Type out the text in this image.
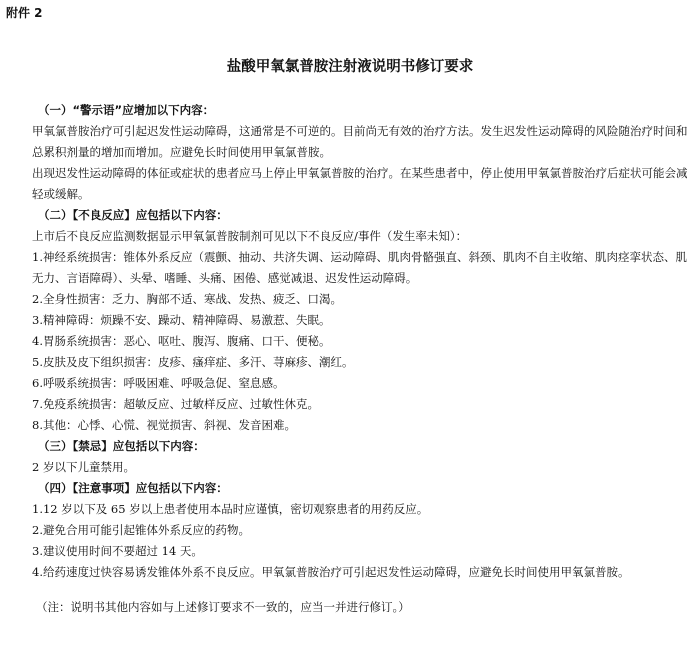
附件 2
盐酸甲氧氯普胺注射液说明书修订要求
（一）“警示语”应增加以下内容：

甲氧氯普胺治疗可引起迟发性运动障碍，这通常是不可逆的。目前尚无有效的治疗方法。发生迟发性运动障碍的风险随治疗时间和总累积剂量的增加而增加。应避免长时间使用甲氧氯普胺。

出现迟发性运动障碍的体征或症状的患者应马上停止甲氧氯普胺的治疗。在某些患者中，停止使用甲氧氯普胺治疗后症状可能会减轻或缓解。

（二）【不良反应】应包括以下内容：

上市后不良反应监测数据显示甲氧氯普胺制剂可见以下不良反应/事件（发生率未知）：

1.神经系统损害：锥体外系反应（震颤、抽动、共济失调、运动障碍、肌肉骨骼强直、斜颈、肌肉不自主收缩、肌肉痉挛状态、肌无力、言语障碍）、头晕、嗜睡、头痛、困倦、感觉减退、迟发性运动障碍。

2.全身性损害：乏力、胸部不适、寒战、发热、疲乏、口渴。

3.精神障碍：烦躁不安、躁动、精神障碍、易激惹、失眠。

4.胃肠系统损害：恶心、呕吐、腹泻、腹痛、口干、便秘。

5.皮肤及皮下组织损害：皮疹、瘙痒症、多汗、荨麻疹、潮红。

6.呼吸系统损害：呼吸困难、呼吸急促、窒息感。

7.免疫系统损害：超敏反应、过敏样反应、过敏性休克。

8.其他：心悸、心慌、视觉损害、斜视、发音困难。

（三）【禁忌】应包括以下内容：

2 岁以下儿童禁用。

（四）【注意事项】应包括以下内容：

1.12 岁以下及 65 岁以上患者使用本品时应谨慎，密切观察患者的用药反应。

2.避免合用可能引起锥体外系反应的药物。

3.建议使用时间不要超过 14 天。

4.给药速度过快容易诱发锥体外系不良反应。甲氧氯普胺治疗可引起迟发性运动障碍，应避免长时间使用甲氧氯普胺。

（注：说明书其他内容如与上述修订要求不一致的，应当一并进行修订。）
